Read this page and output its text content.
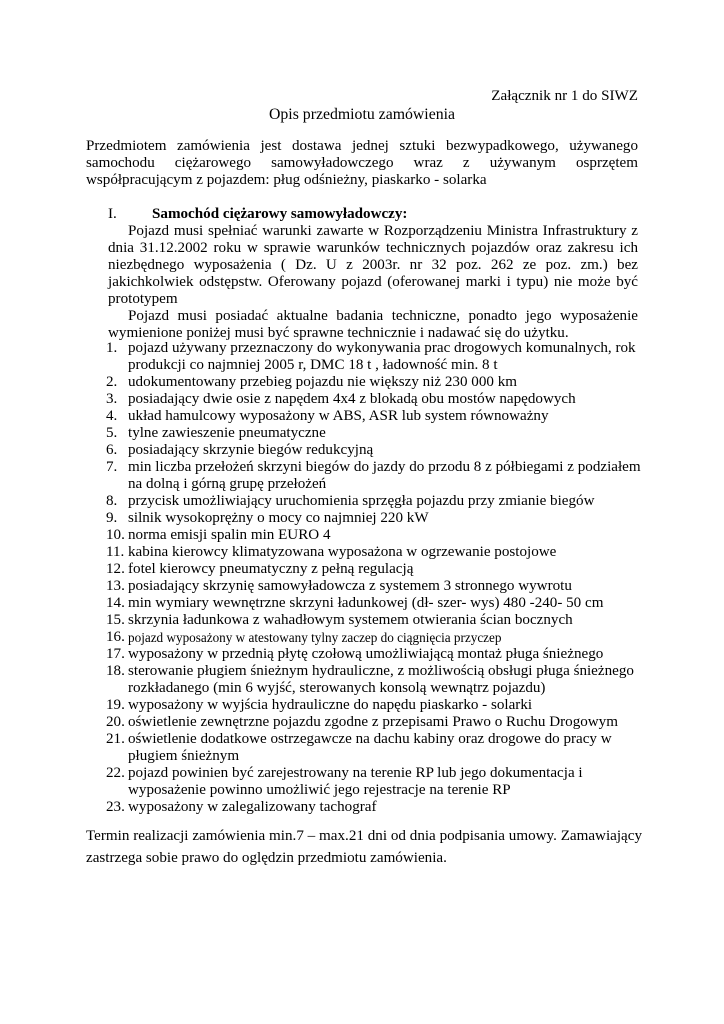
Załącznik nr 1 do SIWZ
Opis przedmiotu zamówienia
Przedmiotem zamówienia jest dostawa jednej sztuki bezwypadkowego, używanego samochodu ciężarowego samowyładowczego wraz z używanym osprzętem współpracującym z pojazdem: pług odśnieżny, piaskarko - solarka
I.	Samochód ciężarowy samowyładowczy:
Pojazd musi spełniać warunki zawarte w Rozporządzeniu Ministra Infrastruktury z dnia 31.12.2002 roku w sprawie warunków technicznych pojazdów oraz zakresu ich niezbędnego wyposażenia ( Dz. U z 2003r. nr 32 poz. 262 ze poz. zm.) bez jakichkolwiek odstępstw. Oferowany pojazd (oferowanej marki i typu) nie może być prototypem
Pojazd musi posiadać aktualne badania techniczne, ponadto jego wyposażenie wymienione poniżej musi być sprawne technicznie i nadawać się do użytku.
1. pojazd używany przeznaczony do wykonywania prac drogowych komunalnych, rok produkcji co najmniej 2005 r, DMC 18 t , ładowność min. 8 t
2. udokumentowany przebieg pojazdu nie większy niż 230 000 km
3. posiadający dwie osie z napędem 4x4 z blokadą obu mostów napędowych
4. układ hamulcowy wyposażony w ABS, ASR lub system równoważny
5. tylne zawieszenie pneumatyczne
6. posiadający skrzynie biegów redukcyjną
7. min liczba przełożeń skrzyni biegów do jazdy do przodu 8 z półbiegami z podziałem na dolną i górną grupę przełożeń
8. przycisk umożliwiający uruchomienia sprzęgła pojazdu przy zmianie biegów
9. silnik wysokoprężny o mocy co najmniej 220 kW
10. norma emisji spalin min EURO 4
11. kabina kierowcy klimatyzowana wyposażona w ogrzewanie postojowe
12. fotel kierowcy pneumatyczny z pełną regulacją
13. posiadający skrzynię samowyładowcza z systemem 3 stronnego wywrotu
14. min wymiary wewnętrzne skrzyni ładunkowej (dł- szer- wys) 480 -240- 50 cm
15. skrzynia ładunkowa z wahadłowym systemem otwierania ścian bocznych
16. pojazd wyposażony w atestowany tylny zaczep do ciągnięcia przyczep
17. wyposażony w przednią płytę czołową umożliwiającą montaż pługa śnieżnego
18. sterowanie pługiem śnieżnym hydrauliczne, z możliwością obsługi pługa śnieżnego rozkładanego (min 6 wyjść, sterowanych konsolą wewnątrz pojazdu)
19. wyposażony w wyjścia hydrauliczne do napędu piaskarko - solarki
20. oświetlenie zewnętrzne pojazdu zgodne z przepisami Prawo o Ruchu Drogowym
21. oświetlenie dodatkowe ostrzegawcze na dachu kabiny oraz drogowe do pracy w pługiem śnieżnym
22. pojazd powinien być zarejestrowany na terenie RP lub jego dokumentacja i wyposażenie powinno umożliwić jego rejestracje na terenie RP
23. wyposażony w zalegalizowany tachograf
Termin realizacji zamówienia min.7 – max.21 dni od dnia podpisania umowy. Zamawiający zastrzega sobie prawo do oględzin przedmiotu zamówienia.
